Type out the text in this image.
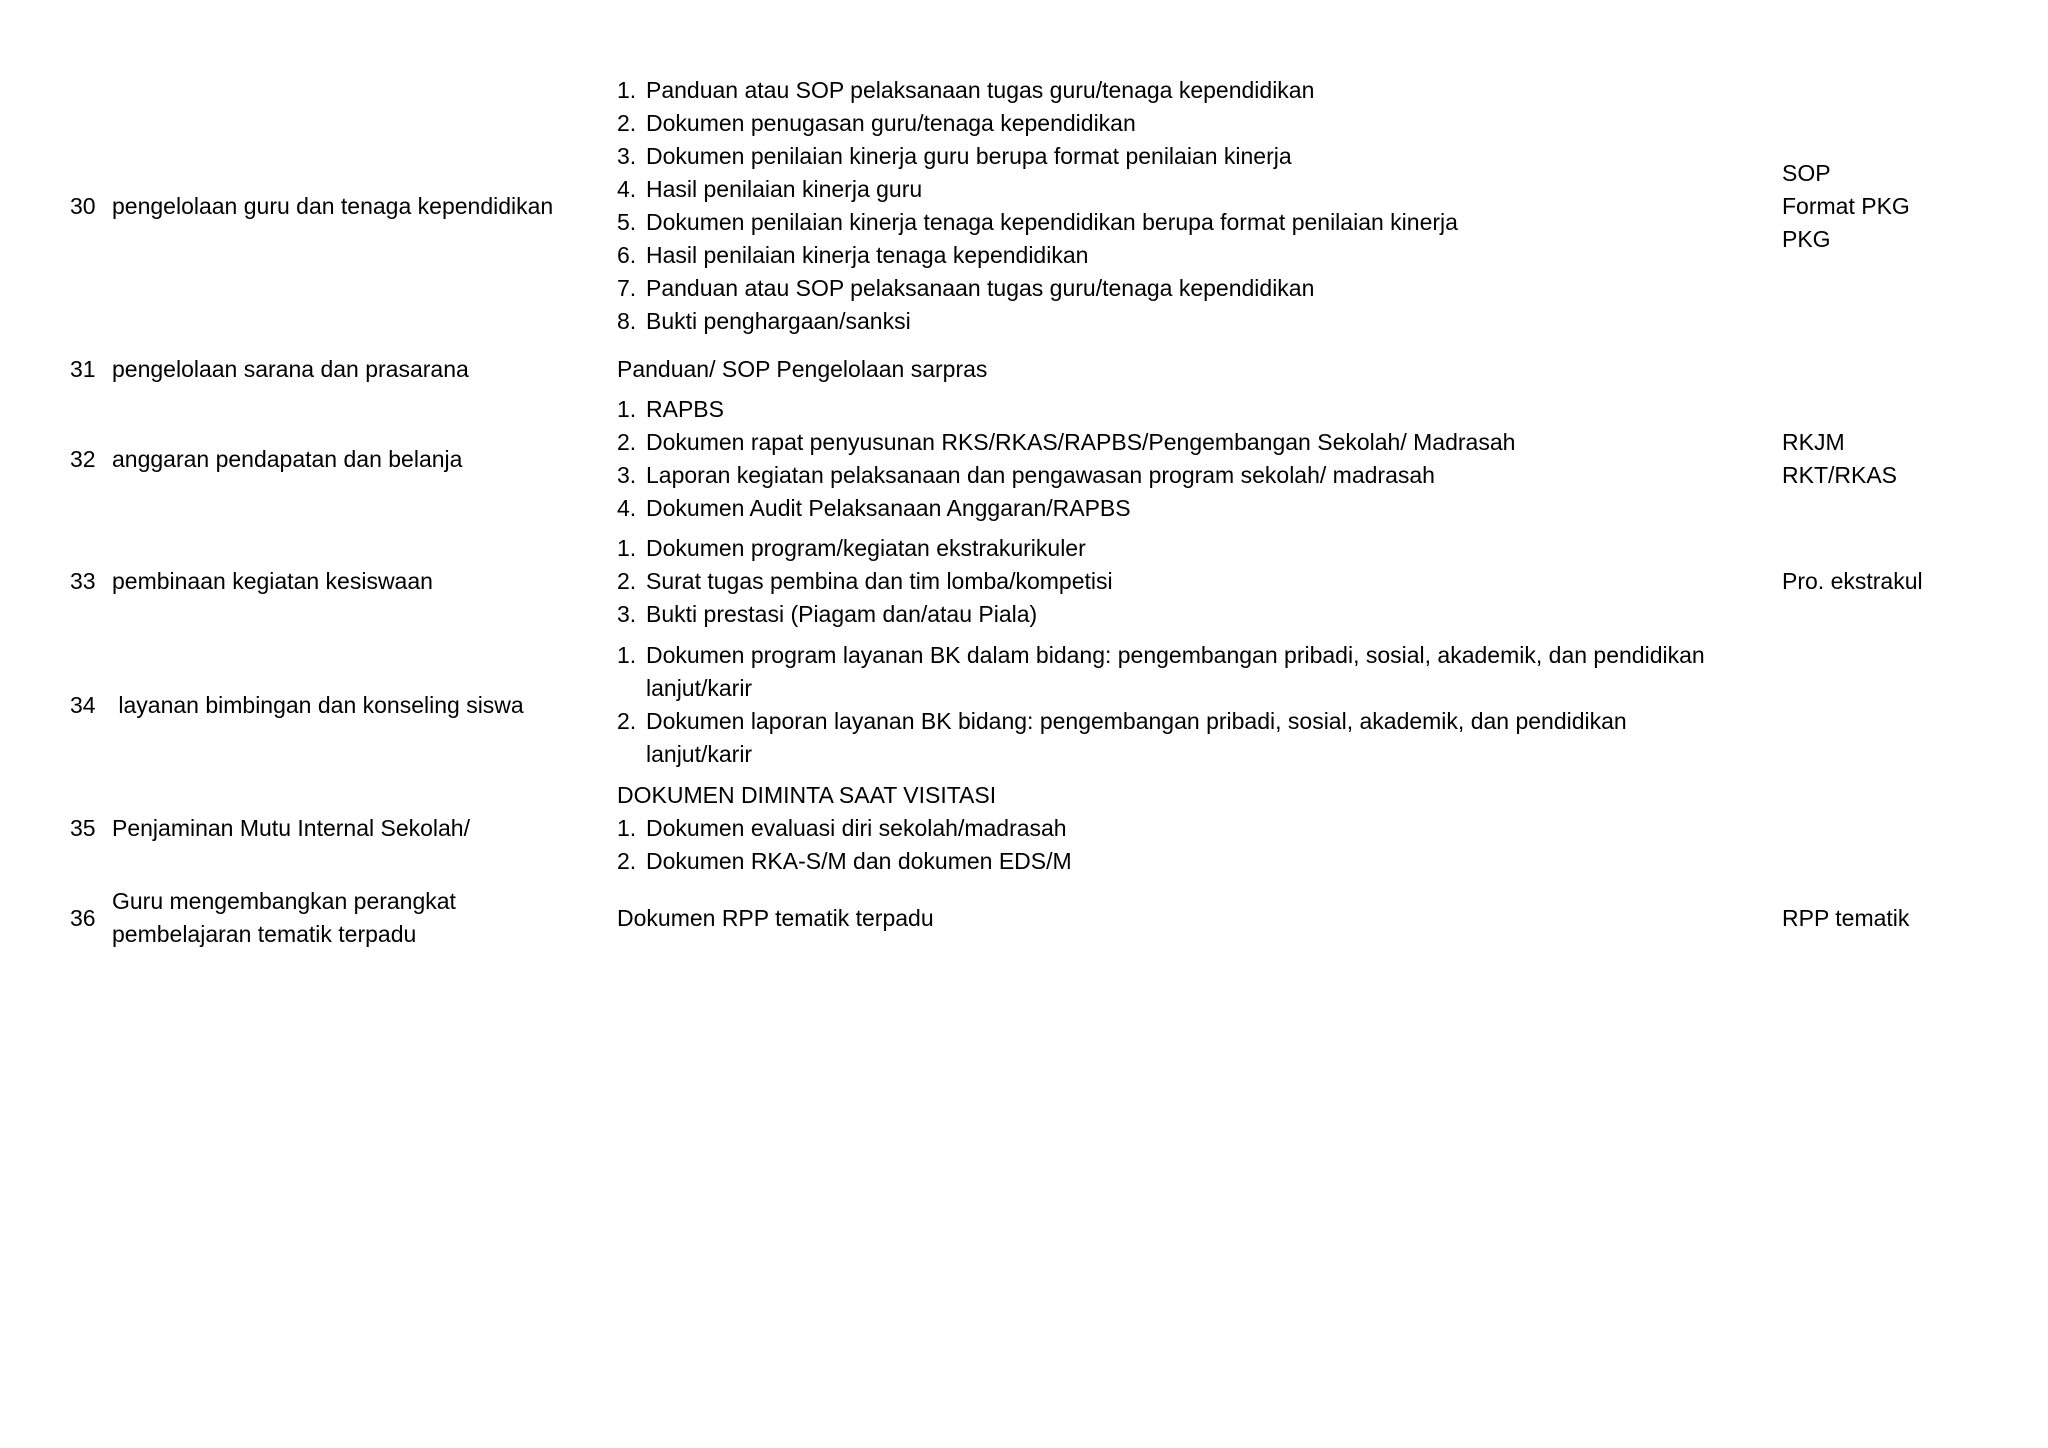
30 pengelolaan guru dan tenaga kependidikan
1. Panduan atau SOP pelaksanaan tugas guru/tenaga kependidikan
2. Dokumen penugasan guru/tenaga kependidikan
3. Dokumen penilaian kinerja guru berupa format penilaian kinerja
4. Hasil penilaian kinerja guru
5. Dokumen penilaian kinerja tenaga kependidikan berupa format penilaian kinerja
6. Hasil penilaian kinerja tenaga kependidikan
7. Panduan atau SOP pelaksanaan tugas guru/tenaga kependidikan
8. Bukti penghargaan/sanksi
SOP
Format PKG
PKG
31 pengelolaan sarana dan prasarana	Panduan/ SOP Pengelolaan sarpras
32 anggaran pendapatan dan belanja
1. RAPBS
2. Dokumen rapat penyusunan RKS/RKAS/RAPBS/Pengembangan Sekolah/ Madrasah
3. Laporan kegiatan pelaksanaan dan pengawasan program sekolah/ madrasah
4. Dokumen Audit Pelaksanaan Anggaran/RAPBS
RKJM
RKT/RKAS
33 pembinaan kegiatan kesiswaan
1. Dokumen program/kegiatan ekstrakurikuler
2. Surat tugas pembina dan tim lomba/kompetisi
3. Bukti prestasi (Piagam dan/atau Piala)
Pro. ekstrakul
34 layanan bimbingan dan konseling siswa
1. Dokumen program layanan BK dalam bidang: pengembangan pribadi, sosial, akademik, dan pendidikan lanjut/karir
2. Dokumen laporan layanan BK bidang: pengembangan pribadi, sosial, akademik, dan pendidikan lanjut/karir
35 Penjaminan Mutu Internal Sekolah/
DOKUMEN DIMINTA SAAT VISITASI
1. Dokumen evaluasi diri sekolah/madrasah
2. Dokumen RKA-S/M dan dokumen EDS/M
36
Guru mengembangkan perangkat pembelajaran tematik terpadu
Dokumen RPP tematik terpadu	RPP tematik
